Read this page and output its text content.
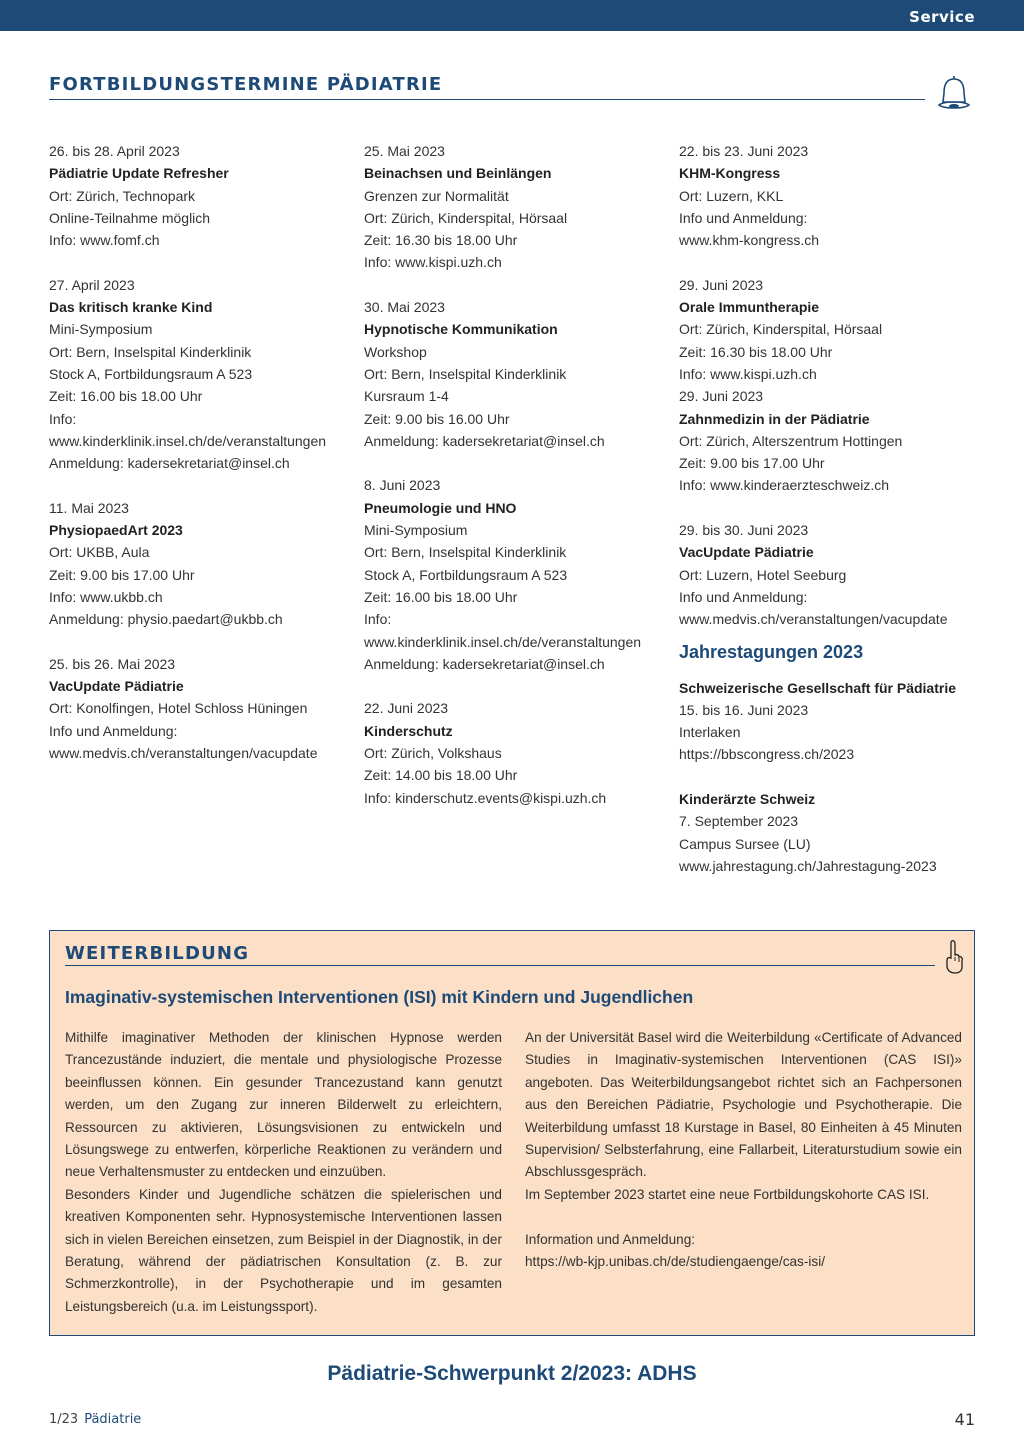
Service
FORTBILDUNGSTERMINE PÄDIATRIE

26. bis 28. April 2023

Pädiatrie Update Refresher

Ort: Zürich, Technopark

Online-Teilnahme möglich

Info: www.fomf.ch

27. April 2023

Das kritisch kranke Kind

Mini-Symposium

Ort: Bern, Inselspital Kinderklinik

Stock A, Fortbildungsraum A 523

Zeit: 16.00 bis 18.00 Uhr

Info:

www.kinderklinik.insel.ch/de/veranstaltungen

Anmeldung: kadersekretariat@insel.ch

11. Mai 2023

PhysiopaedArt 2023

Ort: UKBB, Aula

Zeit: 9.00 bis 17.00 Uhr

Info: www.ukbb.ch

Anmeldung: physio.paedart@ukbb.ch

25. bis 26. Mai 2023

VacUpdate Pädiatrie

Ort: Konolfingen, Hotel Schloss Hüningen

Info und Anmeldung:

www.medvis.ch/veranstaltungen/vacupdate

25. Mai 2023

Beinachsen und Beinlängen

Grenzen zur Normalität

Ort: Zürich, Kinderspital, Hörsaal

Zeit: 16.30 bis 18.00 Uhr

Info: www.kispi.uzh.ch

30. Mai 2023

Hypnotische Kommunikation

Workshop

Ort: Bern, Inselspital Kinderklinik

Kursraum 1-4

Zeit: 9.00 bis 16.00 Uhr

Anmeldung: kadersekretariat@insel.ch

8. Juni 2023

Pneumologie und HNO

Mini-Symposium

Ort: Bern, Inselspital Kinderklinik

Stock A, Fortbildungsraum A 523

Zeit: 16.00 bis 18.00 Uhr

Info:

www.kinderklinik.insel.ch/de/veranstaltungen

Anmeldung: kadersekretariat@insel.ch

22. Juni 2023

Kinderschutz

Ort: Zürich, Volkshaus

Zeit: 14.00 bis 18.00 Uhr

Info: kinderschutz.events@kispi.uzh.ch

22. bis 23. Juni 2023

KHM-Kongress

Ort: Luzern, KKL

Info und Anmeldung:

www.khm-kongress.ch

29. Juni 2023

Orale Immuntherapie

Ort: Zürich, Kinderspital, Hörsaal

Zeit: 16.30 bis 18.00 Uhr

Info: www.kispi.uzh.ch

29. Juni 2023

Zahnmedizin in der Pädiatrie

Ort: Zürich, Alterszentrum Hottingen

Zeit: 9.00 bis 17.00 Uhr

Info: www.kinderaerzteschweiz.ch

29. bis 30. Juni 2023

VacUpdate Pädiatrie

Ort: Luzern, Hotel Seeburg

Info und Anmeldung:

www.medvis.ch/veranstaltungen/vacupdate

Jahrestagungen 2023

Schweizerische Gesellschaft für Pädiatrie

15. bis 16. Juni 2023

Interlaken

https://bbscongress.ch/2023

Kinderärzte Schweiz

7. September 2023

Campus Sursee (LU)

www.jahrestagung.ch/Jahrestagung-2023

WEITERBILDUNG
Imaginativ-systemischen Interventionen (ISI) mit Kindern und Jugendlichen

Mithilfe imaginativer Methoden der klinischen Hypnose werden Trancezustände induziert, die mentale und physiologische Prozesse beeinflussen können. Ein gesunder Trancezustand kann genutzt werden, um den Zugang zur inneren Bilderwelt zu erleichtern, Ressourcen zu aktivieren, Lösungsvisionen zu entwickeln und Lösungswege zu entwerfen, körperliche Reaktionen zu verändern und neue Verhaltensmuster zu entdecken und einzuüben.

Besonders Kinder und Jugendliche schätzen die spielerischen und kreativen Komponenten sehr. Hypnosystemische Interventionen lassen sich in vielen Bereichen einsetzen, zum Beispiel in der Diagnostik, in der Beratung, während der pädiatrischen Konsultation (z. B. zur Schmerzkontrolle), in der Psychotherapie und im gesamten Leistungsbereich (u.a. im Leistungssport).

An der Universität Basel wird die Weiterbildung «Certificate of Advanced Studies in Imaginativ-systemischen Interventionen (CAS ISI)» angeboten. Das Weiterbildungsangebot richtet sich an Fachpersonen aus den Bereichen Pädiatrie, Psychologie und Psychotherapie. Die Weiterbildung umfasst 18 Kurstage in Basel, 80 Einheiten à 45 Minuten Supervision/ Selbsterfahrung, eine Fallarbeit, Literaturstudium sowie ein Abschlussgespräch.

Im September 2023 startet eine neue Fortbildungskohorte CAS ISI.

Information und Anmeldung:

https://wb-kjp.unibas.ch/de/studiengaenge/cas-isi/

Pädiatrie-Schwerpunkt 2/2023: ADHS
1/23 Pädiatrie	41
